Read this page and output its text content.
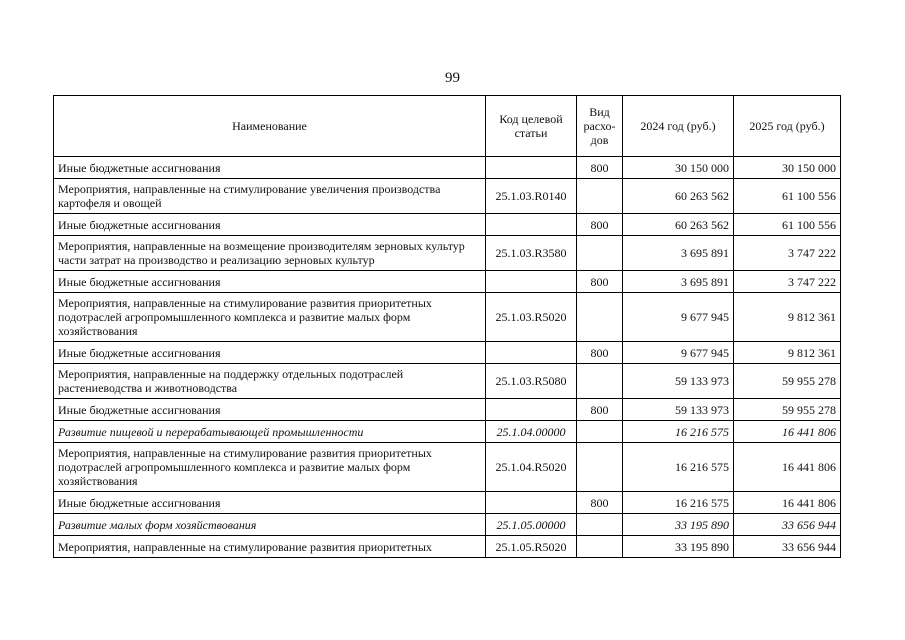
99
Наименование	Код целевой статьи	Вид расхо-дов	2024 год (руб.)	2025 год (руб.)
Иные бюджетные ассигнования		800	30 150 000	30 150 000
Мероприятия, направленные на стимулирование увеличения производства картофеля и овощей	25.1.03.R0140		60 263 562	61 100 556
Иные бюджетные ассигнования		800	60 263 562	61 100 556
Мероприятия, направленные на возмещение производителям зерновых культур части затрат на производство и реализацию зерновых культур	25.1.03.R3580		3 695 891	3 747 222
Иные бюджетные ассигнования		800	3 695 891	3 747 222
Мероприятия, направленные на стимулирование развития приоритетных подотраслей агропромышленного комплекса и развитие малых форм хозяйствования	25.1.03.R5020		9 677 945	9 812 361
Иные бюджетные ассигнования		800	9 677 945	9 812 361
Мероприятия, направленные на поддержку отдельных подотраслей растениеводства и животноводства	25.1.03.R5080		59 133 973	59 955 278
Иные бюджетные ассигнования		800	59 133 973	59 955 278
Развитие пищевой и перерабатывающей промышленности	25.1.04.00000		16 216 575	16 441 806
Мероприятия, направленные на стимулирование развития приоритетных подотраслей агропромышленного комплекса и развитие малых форм хозяйствования	25.1.04.R5020		16 216 575	16 441 806
Иные бюджетные ассигнования		800	16 216 575	16 441 806
Развитие малых форм хозяйствования	25.1.05.00000		33 195 890	33 656 944
Мероприятия, направленные на стимулирование развития приоритетных	25.1.05.R5020		33 195 890	33 656 944
